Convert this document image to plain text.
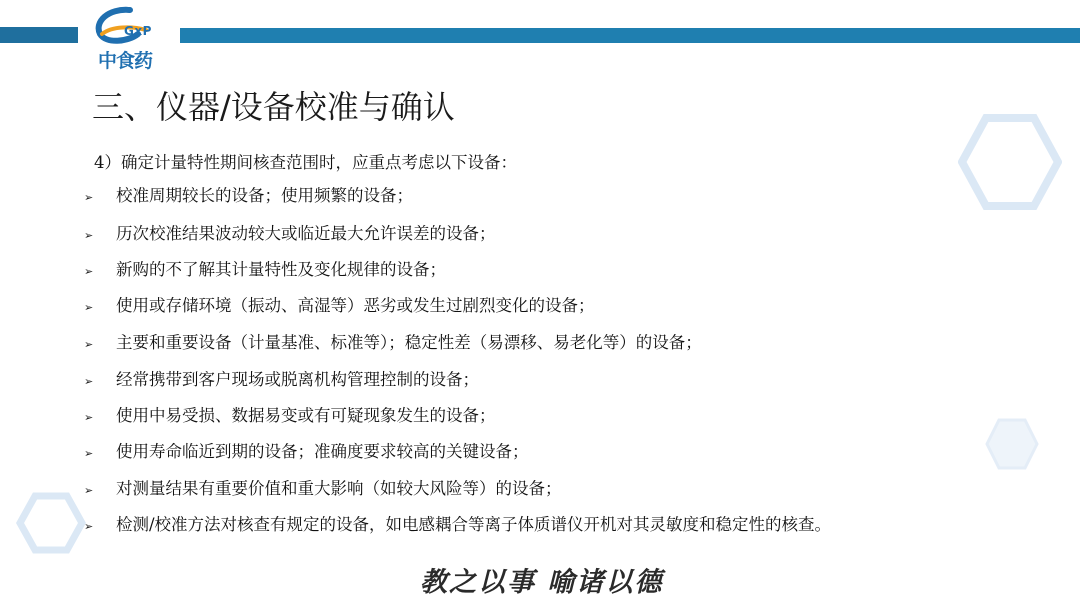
GxP
中食药
三、仪器/设备校准与确认
4）确定计量特性期间核查范围时，应重点考虑以下设备：
➢ 校准周期较长的设备；使用频繁的设备；
➢ 历次校准结果波动较大或临近最大允许误差的设备；
➢ 新购的不了解其计量特性及变化规律的设备；
➢ 使用或存储环境（振动、高湿等）恶劣或发生过剧烈变化的设备；
➢ 主要和重要设备（计量基准、标准等）；稳定性差（易漂移、易老化等）的设备；
➢ 经常携带到客户现场或脱离机构管理控制的设备；
➢ 使用中易受损、数据易变或有可疑现象发生的设备；
➢ 使用寿命临近到期的设备；准确度要求较高的关键设备；
➢ 对测量结果有重要价值和重大影响（如较大风险等）的设备；
➢ 检测/校准方法对核查有规定的设备，如电感耦合等离子体质谱仪开机对其灵敏度和稳定性的核查。
教之以事 喻诸以德
